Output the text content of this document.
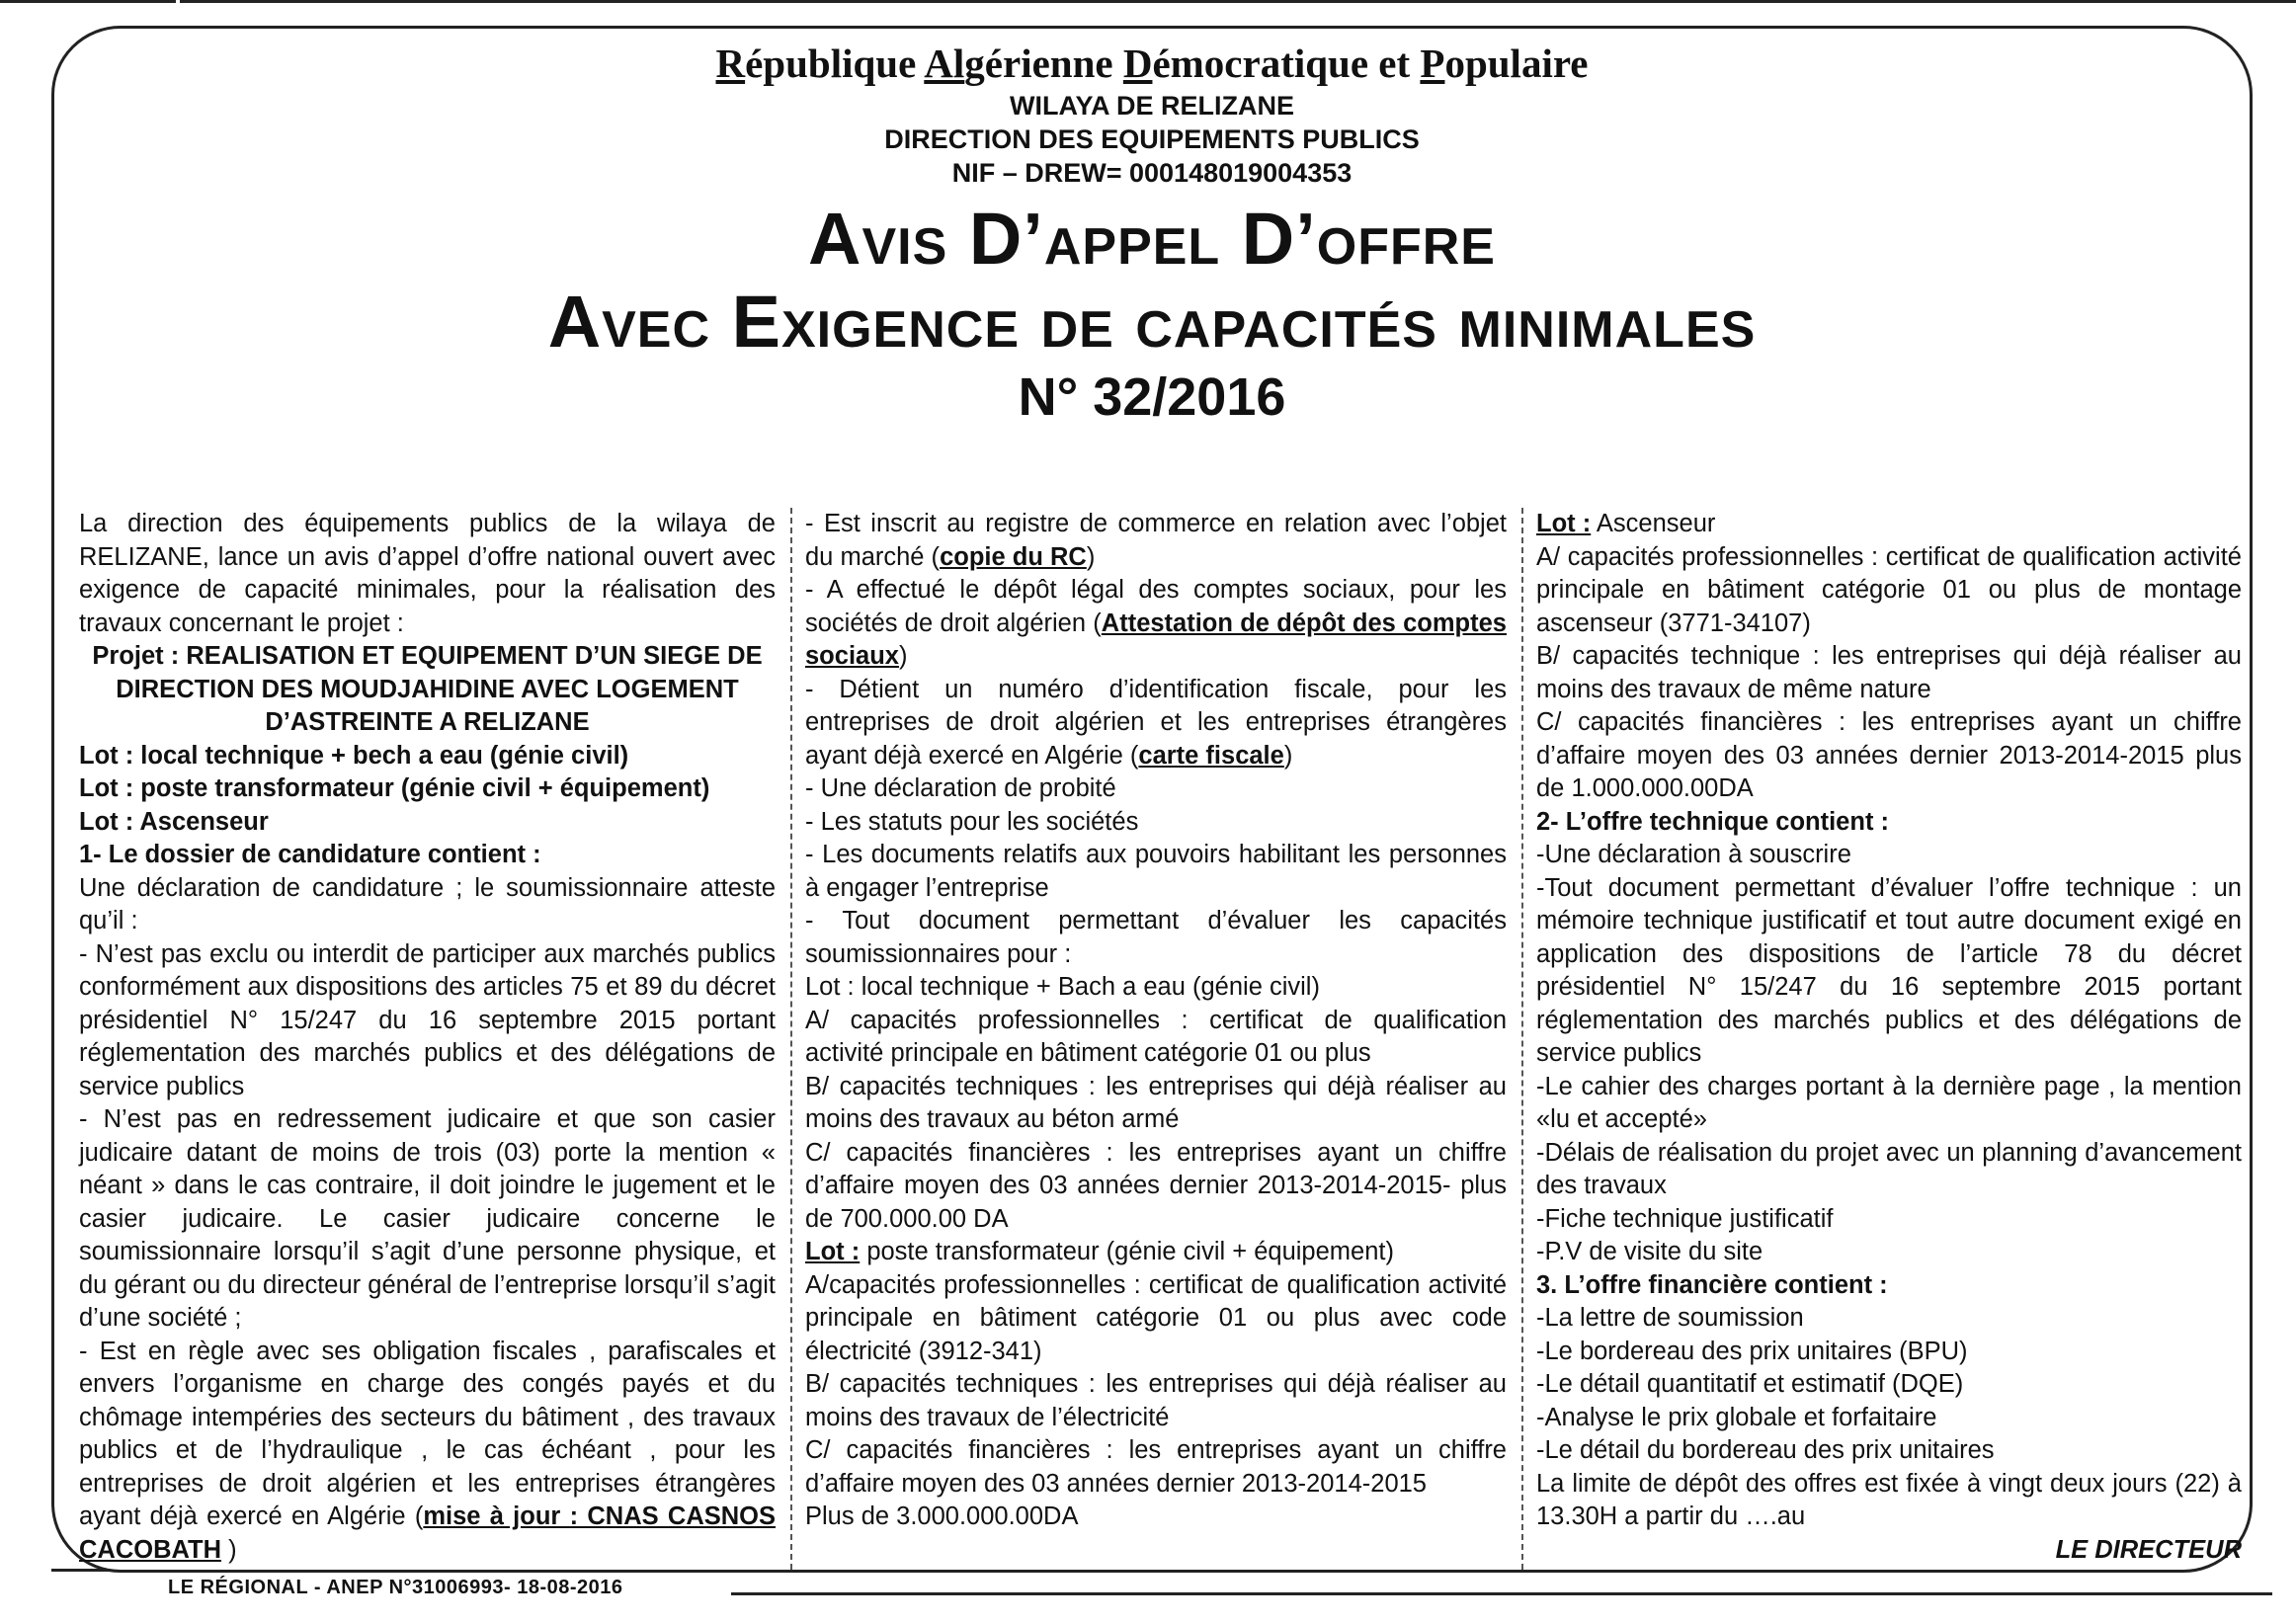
République Algérienne Démocratique et Populaire

WILAYA DE RELIZANE

DIRECTION DES EQUIPEMENTS PUBLICS

NIF – DREW= 000148019004353

Avis D’appel D’offre

Avec Exigence de capacités minimales

N° 32/2016

La direction des équipements publics de la wilaya de RELIZANE, lance un avis d’appel d’offre national ouvert avec exigence de capacité minimales, pour la réalisation des travaux concernant le projet :

Projet : REALISATION ET EQUIPEMENT D’UN SIEGE DE DIRECTION DES MOUDJAHIDINE AVEC LOGEMENT D’ASTREINTE A RELIZANE

Lot : local technique + bech a eau (génie civil)

Lot : poste transformateur (génie civil + équipement)

Lot : Ascenseur

1- Le dossier de candidature contient :

Une déclaration de candidature ; le soumissionnaire atteste qu’il :

- N’est pas exclu ou interdit de participer aux marchés publics conformément aux dispositions des articles 75 et 89 du décret présidentiel N° 15/247 du 16 septembre 2015 portant réglementation des marchés publics et des délégations de service publics

- N’est pas en redressement judicaire et que son casier judicaire datant de moins de trois (03) porte la mention « néant » dans le cas contraire, il doit joindre le jugement et le casier judicaire. Le casier judicaire concerne le soumissionnaire lorsqu’il s’agit d’une personne physique, et du gérant ou du directeur général de l’entreprise lorsqu’il s’agit d’une société ;

- Est en règle avec ses obligation fiscales , parafiscales et envers l’organisme en charge des congés payés et du chômage intempéries des secteurs du bâtiment , des travaux publics et de l’hydraulique , le cas échéant , pour les entreprises de droit algérien et les entreprises étrangères ayant déjà exercé en Algérie (mise à jour : CNAS CASNOS CACOBATH )

- Est inscrit au registre de commerce en relation avec l’objet du marché (copie du RC)

- A effectué le dépôt légal des comptes sociaux, pour les sociétés de droit algérien (Attestation de dépôt des comptes sociaux)

- Détient un numéro d’identification fiscale, pour les entreprises de droit algérien et les entreprises étrangères ayant déjà exercé en Algérie (carte fiscale)

- Une déclaration de probité

- Les statuts pour les sociétés

- Les documents relatifs aux pouvoirs habilitant les personnes à engager l’entreprise

- Tout document permettant d’évaluer les capacités soumissionnaires pour :

Lot : local technique + Bach a eau (génie civil)

A/ capacités professionnelles : certificat de qualification activité principale en bâtiment catégorie 01 ou plus

B/ capacités techniques : les entreprises qui déjà réaliser au moins des travaux au béton armé

C/ capacités financières : les entreprises ayant un chiffre d’affaire moyen des 03 années dernier 2013-2014-2015- plus de 700.000.00 DA

Lot : poste transformateur (génie civil + équipement)

A/capacités professionnelles : certificat de qualification activité principale en bâtiment catégorie 01 ou plus avec code électricité (3912-341)

B/ capacités techniques : les entreprises qui déjà réaliser au moins des travaux de l’électricité

C/ capacités financières : les entreprises ayant un chiffre d’affaire moyen des 03 années dernier 2013-2014-2015

Plus de 3.000.000.00DA

Lot : Ascenseur

A/ capacités professionnelles : certificat de qualification activité principale en bâtiment catégorie 01 ou plus de montage ascenseur (3771-34107)

B/ capacités technique : les entreprises qui déjà réaliser au moins des travaux de même nature

C/ capacités financières : les entreprises ayant un chiffre d’affaire moyen des 03 années dernier 2013-2014-2015 plus de 1.000.000.00DA

2- L’offre technique contient :

-Une déclaration à souscrire

-Tout document permettant d’évaluer l’offre technique : un mémoire technique justificatif et tout autre document exigé en application des dispositions de l’article 78 du décret présidentiel N° 15/247 du 16 septembre 2015 portant réglementation des marchés publics et des délégations de service publics

-Le cahier des charges portant à la dernière page , la mention «lu et accepté»

-Délais de réalisation du projet avec un planning d’avancement des travaux

-Fiche technique justificatif

-P.V de visite du site

3. L’offre financière contient :

-La lettre de soumission

-Le bordereau des prix unitaires (BPU)

-Le détail quantitatif et estimatif (DQE)

-Analyse le prix globale et forfaitaire

-Le détail du bordereau des prix unitaires

La limite de dépôt des offres est fixée à vingt deux jours (22) à 13.30H a partir du ….au

LE DIRECTEUR

LE RÉGIONAL - ANEP N°31006993- 18-08-2016
